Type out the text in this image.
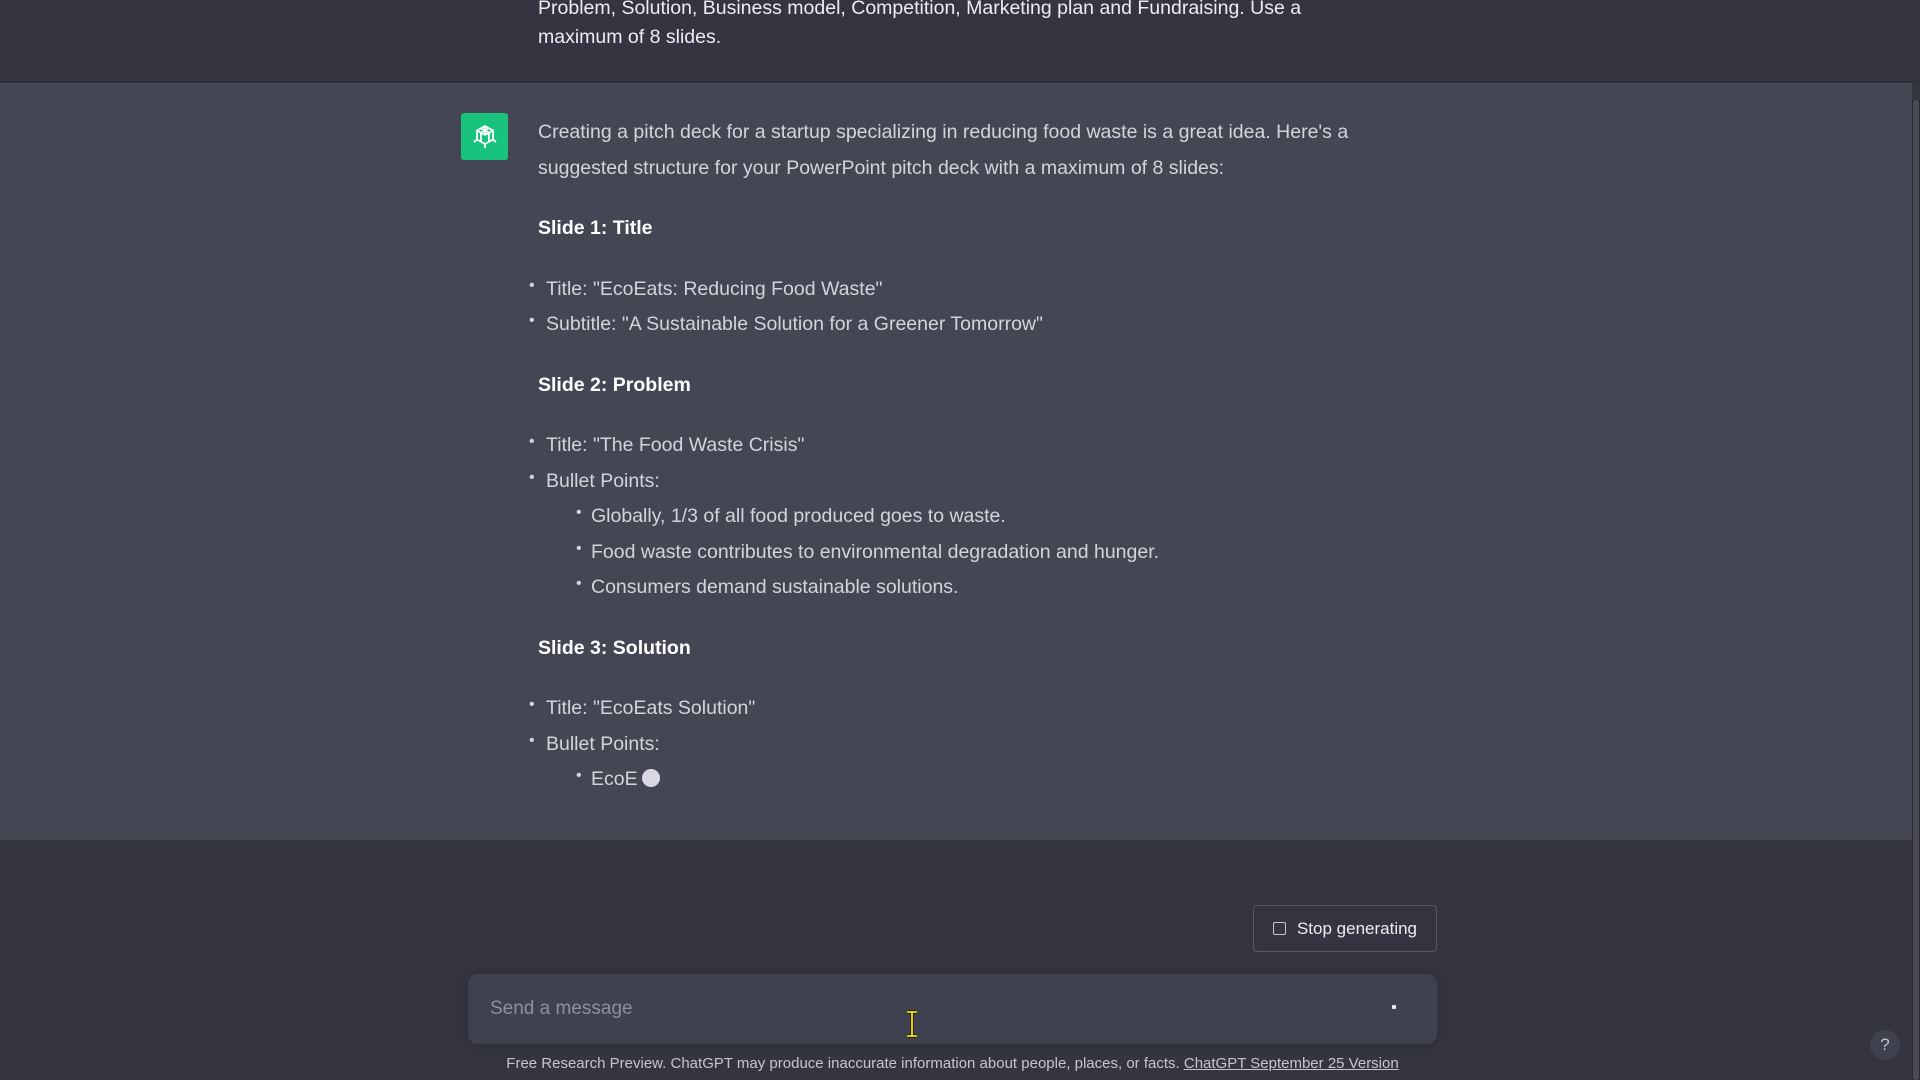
Problem, Solution, Business model, Competition, Marketing plan and Fundraising. Use a maximum of 8 slides.

Creating a pitch deck for a startup specializing in reducing food waste is a great idea. Here's a suggested structure for your PowerPoint pitch deck with a maximum of 8 slides:

Slide 1: Title

• Title: "EcoEats: Reducing Food Waste"
• Subtitle: "A Sustainable Solution for a Greener Tomorrow"

Slide 2: Problem

• Title: "The Food Waste Crisis"
• Bullet Points:
• Globally, 1/3 of all food produced goes to waste.
• Food waste contributes to environmental degradation and hunger.
• Consumers demand sustainable solutions.

Slide 3: Solution

• Title: "EcoEats Solution"
• Bullet Points:
• EcoE
Stop generating
Send a message
Free Research Preview. ChatGPT may produce inaccurate information about people, places, or facts. ChatGPT September 25 Version
?
